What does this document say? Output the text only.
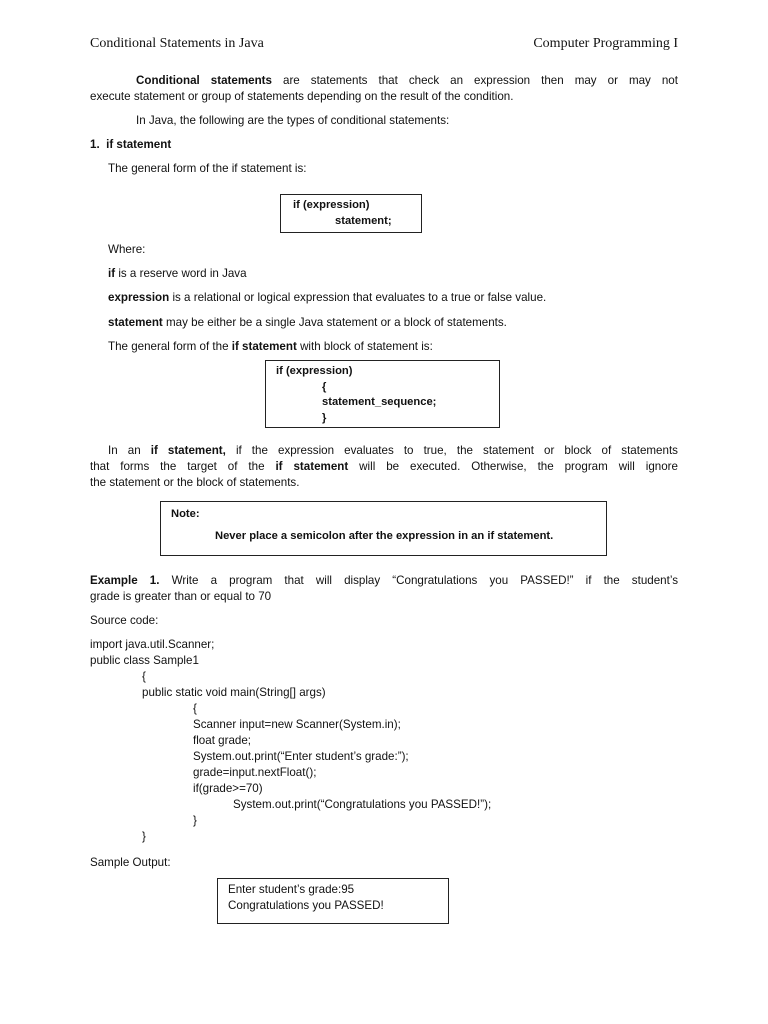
Conditional Statements in Java	Computer Programming I
Conditional statements are statements that check an expression then may or may not
execute statement or group of statements depending on the result of the condition.
In Java, the following are the types of conditional statements:
1.  if statement
The general form of the if statement is:
if (expression)
statement;
Where:
if is a reserve word in Java
expression is a relational or logical expression that evaluates to a true or false value.
statement may be either be a single Java statement or a block of statements.
The general form of the if statement with block of statement is:
if (expression)
{
statement_sequence;
}
In an if statement, if the expression evaluates to true, the statement or block of statements
that forms the target of the if statement will be executed. Otherwise, the program will ignore
the statement or the block of statements.
Note:
Never place a semicolon after the expression in an if statement.
Example 1. Write a program that will display “Congratulations you PASSED!” if the student’s
grade is greater than or equal to 70
Source code:
import java.util.Scanner;
public class Sample1
{
public static void main(String[] args)
{
Scanner input=new Scanner(System.in);
float grade;
System.out.print(“Enter student’s grade:”);
grade=input.nextFloat();
if(grade>=70)
System.out.print(“Congratulations you PASSED!”);
}
}
Sample Output:
Enter student’s grade:95
Congratulations you PASSED!
